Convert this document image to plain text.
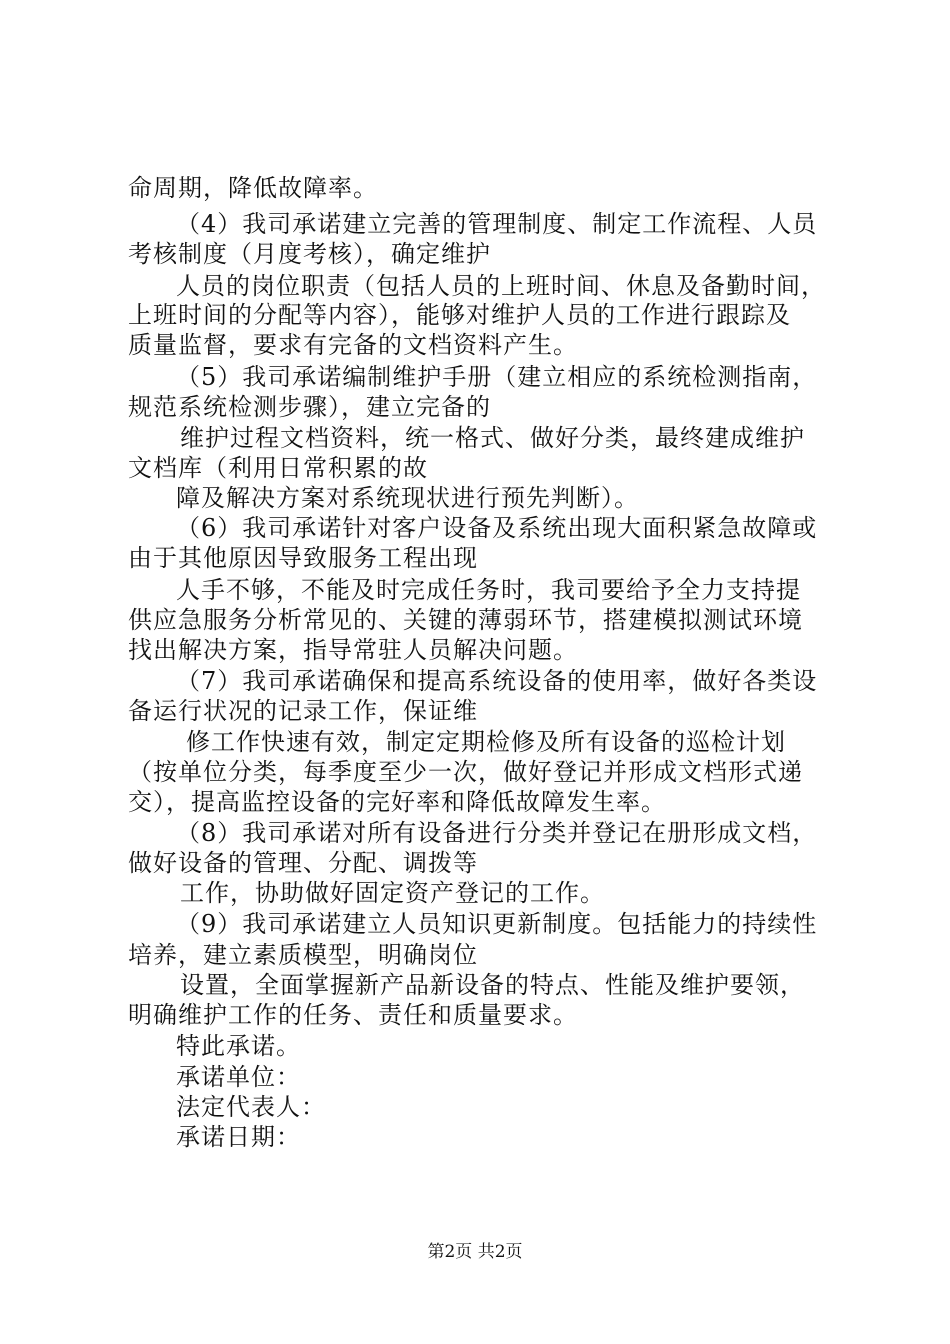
命周期，降低故障率。
（4）我司承诺建立完善的管理制度、制定工作流程、人员
考核制度（月度考核），确定维护
人员的岗位职责（包括人员的上班时间、休息及备勤时间，
上班时间的分配等内容），能够对维护人员的工作进行跟踪及
质量监督，要求有完备的文档资料产生。
（5）我司承诺编制维护手册（建立相应的系统检测指南，
规范系统检测步骤），建立完备的
维护过程文档资料，统一格式、做好分类，最终建成维护
文档库（利用日常积累的故
障及解决方案对系统现状进行预先判断）。
（6）我司承诺针对客户设备及系统出现大面积紧急故障或
由于其他原因导致服务工程出现
人手不够，不能及时完成任务时，我司要给予全力支持提
供应急服务分析常见的、关键的薄弱环节，搭建模拟测试环境
找出解决方案，指导常驻人员解决问题。
（7）我司承诺确保和提高系统设备的使用率，做好各类设
备运行状况的记录工作，保证维
修工作快速有效，制定定期检修及所有设备的巡检计划
（按单位分类，每季度至少一次，做好登记并形成文档形式递
交），提高监控设备的完好率和降低故障发生率。
（8）我司承诺对所有设备进行分类并登记在册形成文档，
做好设备的管理、分配、调拨等
工作，协助做好固定资产登记的工作。
（9）我司承诺建立人员知识更新制度。包括能力的持续性
培养，建立素质模型，明确岗位
设置，全面掌握新产品新设备的特点、性能及维护要领，
明确维护工作的任务、责任和质量要求。
特此承诺。
承诺单位：
法定代表人：
承诺日期：
第2页 共2页
